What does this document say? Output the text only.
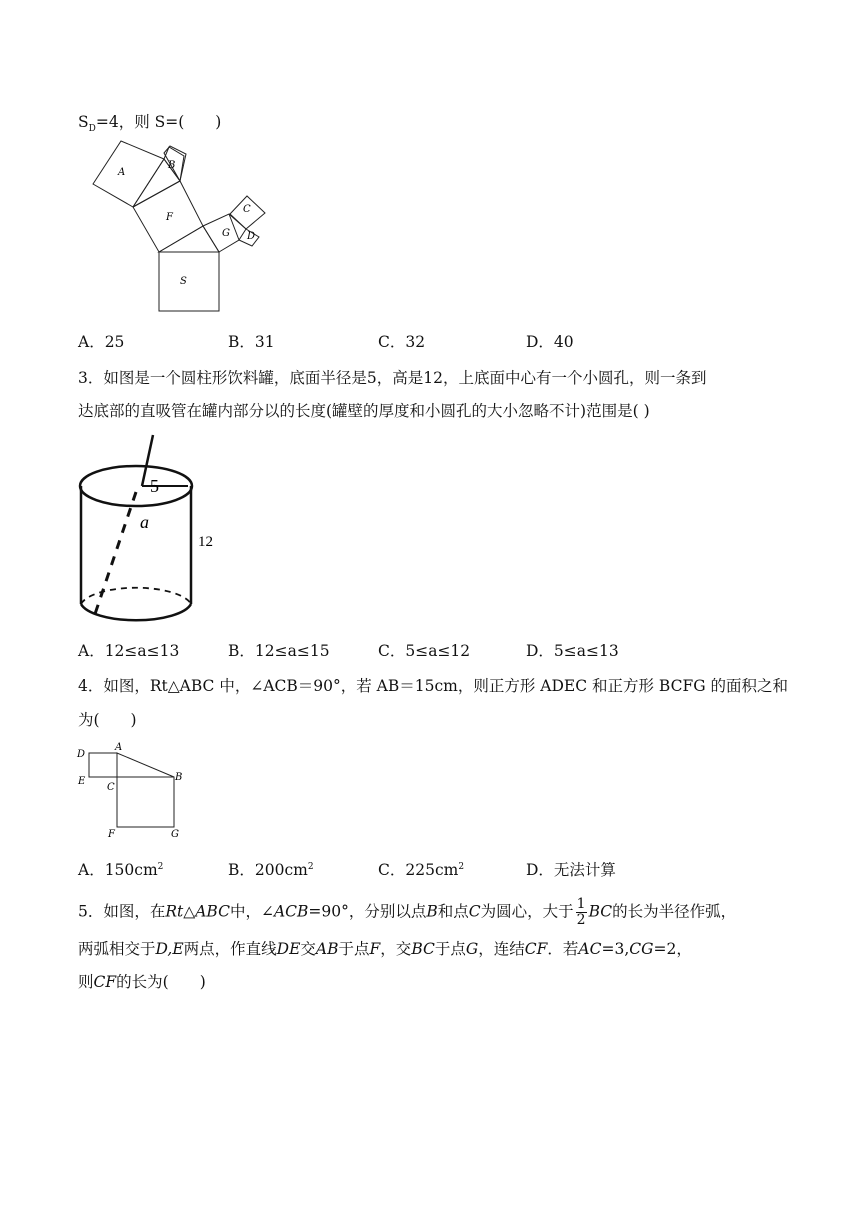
$S_D=4$，则 S=(　　)
A
B
F
C
G D
S
A．25	B．31	C．32	D．40
3．如图是一个圆柱形饮料罐，底面半径是5，高是12，上底面中心有一个小圆孔，则一条到
达底部的直吸管在罐内部分以的长度(罐壁的厚度和小圆孔的大小忽略不计)范围是( )
5
a
12
A．12≤a≤13	B．12≤a≤15	C．5≤a≤12	D．5≤a≤13
4．如图，Rt△ABC 中，∠ACB＝90°，若 AB＝15cm，则正方形 ADEC 和正方形 BCFG 的面积之和
为(　　)
D
A
E
C
B
F	G
A．$150cm^2$	B．$200cm^2$	C．$225cm^2$	D．无法计算
5．如图，在Rt△ABC中，∠ACB=90°，分别以点B和点C为圆心，大于 $\frac{1}{2}$ BC的长为半径作弧，
两弧相交于D,E两点，作直线DE交AB于点F，交BC于点G，连结CF．若AC=3,CG=2，
则CF的长为(　　)
